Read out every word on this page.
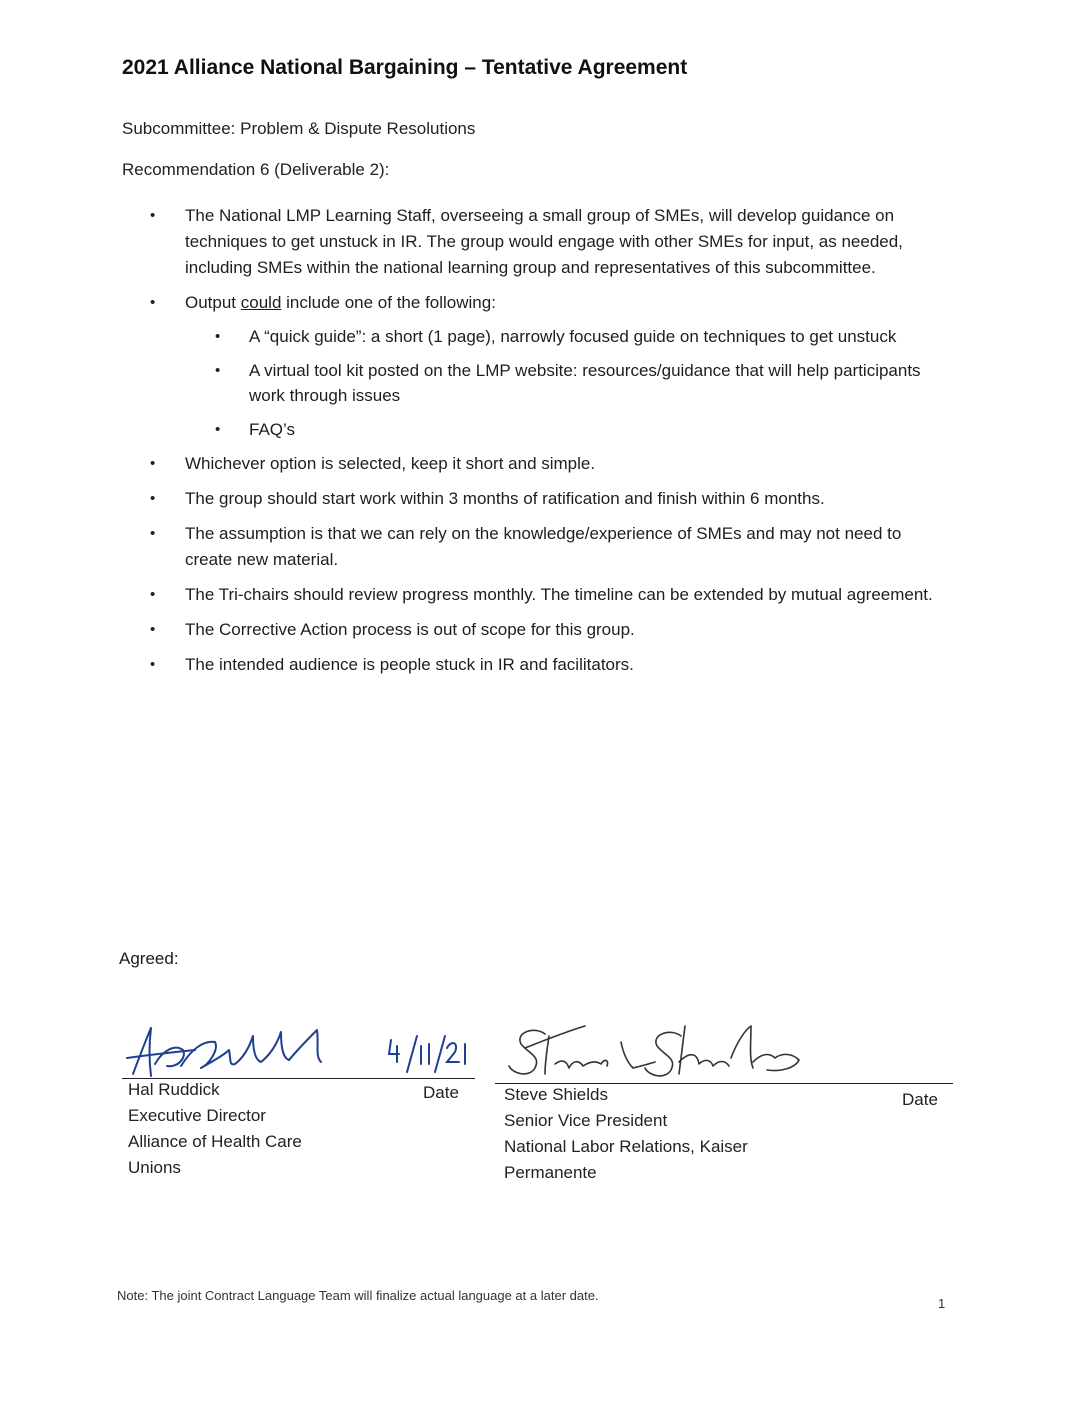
2021 Alliance National Bargaining – Tentative Agreement
Subcommittee: Problem & Dispute Resolutions
Recommendation 6 (Deliverable 2):
• The National LMP Learning Staff, overseeing a small group of SMEs, will develop guidance on techniques to get unstuck in IR. The group would engage with other SMEs for input, as needed, including SMEs within the national learning group and representatives of this subcommittee.
• Output could include one of the following:
• A “quick guide”: a short (1 page), narrowly focused guide on techniques to get unstuck
• A virtual tool kit posted on the LMP website: resources/guidance that will help participants work through issues
• FAQ’s
• Whichever option is selected, keep it short and simple.
• The group should start work within 3 months of ratification and finish within 6 months.
• The assumption is that we can rely on the knowledge/experience of SMEs and may not need to create new material.
• The Tri-chairs should review progress monthly. The timeline can be extended by mutual agreement.
• The Corrective Action process is out of scope for this group.
• The intended audience is people stuck in IR and facilitators.
Agreed:
Hal Ruddick
Executive Director
Alliance of Health Care
Unions
Date	Steve Shields
Senior Vice President
National Labor Relations, Kaiser
Permanente
Date
Note: The joint Contract Language Team will finalize actual language at a later date.
1
